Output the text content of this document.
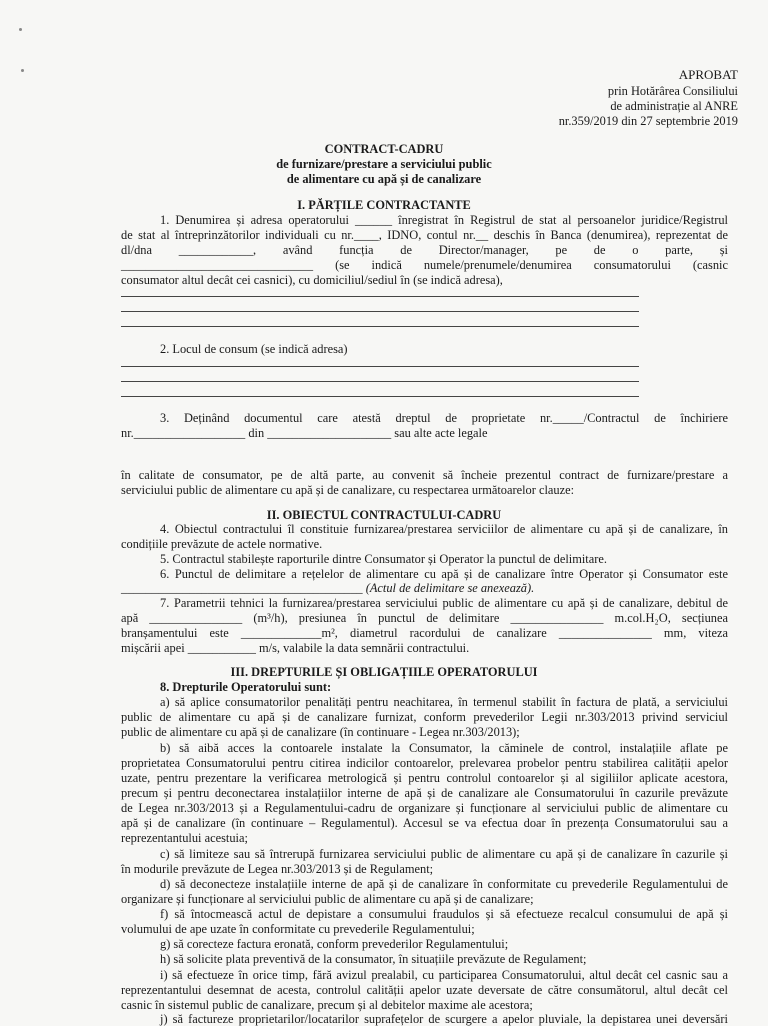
APROBAT
prin Hotărârea Consiliului
de administrație al ANRE
nr.359/2019 din 27 septembrie 2019
CONTRACT-CADRU
de furnizare/prestare a serviciului public
de alimentare cu apă și de canalizare
I. PĂRȚILE CONTRACTANTE
1. Denumirea și adresa operatorului ______ înregistrat în Registrul de stat al persoanelor juridice/Registrul
de stat al întreprinzătorilor individuali cu nr.____, IDNO, contul nr.__ deschis în Banca (denumirea), reprezentat de
dl/dna ____________, având funcția de Director/manager, pe de o parte, și
_______________________________ (se indică numele/prenumele/denumirea consumatorului (casnic
consumator altul decât cei casnici), cu domiciliul/sediul în (se indică adresa),
2. Locul de consum (se indică adresa)
3. Deținând documentul care atestă dreptul de proprietate nr._____/Contractul de închiriere
nr.__________________ din ____________________ sau alte acte legale
în calitate de consumator, pe de altă parte, au convenit să încheie prezentul contract de furnizare/prestare a
serviciului public de alimentare cu apă și de canalizare, cu respectarea următoarelor clauze:
II. OBIECTUL CONTRACTULUI-CADRU
4. Obiectul contractului îl constituie furnizarea/prestarea serviciilor de alimentare cu apă și de canalizare, în
condițiile prevăzute de actele normative.
5. Contractul stabilește raporturile dintre Consumator și Operator la punctul de delimitare.
6. Punctul de delimitare a rețelelor de alimentare cu apă și de canalizare între Operator și Consumator este
_______________________________________ (Actul de delimitare se anexează).
7. Parametrii tehnici la furnizarea/prestarea serviciului public de alimentare cu apă și de canalizare, debitul de
apă _______________ (m³/h), presiunea în punctul de delimitare _______________ m.col.H₂O, secțiunea
branșamentului este _____________m², diametrul racordului de canalizare _______________ mm, viteza
mișcării apei ___________ m/s, valabile la data semnării contractului.
III. DREPTURILE ȘI OBLIGAȚIILE OPERATORULUI
8. Drepturile Operatorului sunt:
a) să aplice consumatorilor penalități pentru neachitarea, în termenul stabilit în factura de plată, a serviciului
public de alimentare cu apă și de canalizare furnizat, conform prevederilor Legii nr.303/2013 privind serviciul
public de alimentare cu apă și de canalizare (în continuare - Legea nr.303/2013);
b) să aibă acces la contoarele instalate la Consumator, la căminele de control, instalațiile aflate pe
proprietatea Consumatorului pentru citirea indicilor contoarelor, prelevarea probelor pentru stabilirea calității apelor
uzate, pentru prezentare la verificarea metrologică și pentru controlul contoarelor și al sigiliilor aplicate acestora,
precum și pentru deconectarea instalațiilor interne de apă și de canalizare ale Consumatorului în cazurile prevăzute
de Legea nr.303/2013 și a Regulamentului-cadru de organizare și funcționare al serviciului public de alimentare cu
apă și de canalizare (în continuare – Regulamentul). Accesul se va efectua doar în prezența Consumatorului sau a
reprezentantului acestuia;
c) să limiteze sau să întrerupă furnizarea serviciului public de alimentare cu apă și de canalizare în cazurile și
în modurile prevăzute de Legea nr.303/2013 și de Regulament;
d) să deconecteze instalațiile interne de apă și de canalizare în conformitate cu prevederile Regulamentului de
organizare și funcționare al serviciului public de alimentare cu apă și de canalizare;
f) să întocmească actul de depistare a consumului fraudulos și să efectueze recalcul consumului de apă și
volumului de ape uzate în conformitate cu prevederile Regulamentului;
g) să corecteze factura eronată, conform prevederilor Regulamentului;
h) să solicite plata preventivă de la consumator, în situațiile prevăzute de Regulament;
i) să efectueze în orice timp, fără avizul prealabil, cu participarea Consumatorului, altul decât cel casnic sau a
reprezentantului desemnat de acesta, controlul calității apelor uzate deversate de către consumătorul, altul decât cel
casnic în sistemul public de canalizare, precum și al debitelor maxime ale acestora;
j) să factureze proprietarilor/locatarilor suprafețelor de scurgere a apelor pluviale, la depistarea unei deversări
